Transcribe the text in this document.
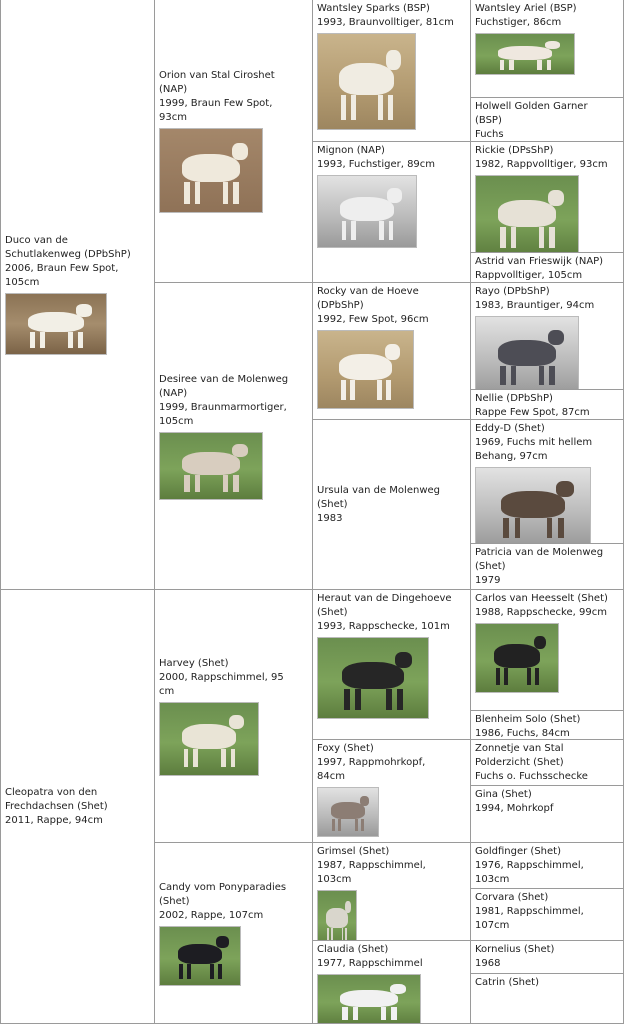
Duco van de
Schutlakenweg (DPbShP)
2006, Braun Few Spot,
105cm
Cleopatra von den
Frechdachsen (Shet)
2011, Rappe, 94cm
Orion van Stal Ciroshet
(NAP)
1999, Braun Few Spot,
93cm
Desiree van de Molenweg
(NAP)
1999, Braunmarmortiger,
105cm
Harvey (Shet)
2000, Rappschimmel, 95
cm
Candy vom Ponyparadies
(Shet)
2002, Rappe, 107cm
Wantsley Sparks (BSP)
1993, Braunvolltiger, 81cm
Mignon (NAP)
1993, Fuchstiger, 89cm
Rocky van de Hoeve
(DPbShP)
1992, Few Spot, 96cm
Ursula van de Molenweg
(Shet)
1983
Heraut van de Dingehoeve
(Shet)
1993, Rappschecke, 101m
Foxy (Shet)
1997, Rappmohrkopf,
84cm
Grimsel (Shet)
1987, Rappschimmel,
103cm
Claudia (Shet)
1977, Rappschimmel
Wantsley Ariel (BSP)
Fuchstiger, 86cm
Holwell Golden Garner
(BSP)
Fuchs
Rickie (DPsShP)
1982, Rappvolltiger, 93cm
Astrid van Frieswijk (NAP)
Rappvolltiger, 105cm
Rayo (DPbShP)
1983, Brauntiger, 94cm
Nellie (DPbShP)
Rappe Few Spot, 87cm
Eddy-D (Shet)
1969, Fuchs mit hellem
Behang, 97cm
Patricia van de Molenweg
(Shet)
1979
Carlos van Heesselt (Shet)
1988, Rappschecke, 99cm
Blenheim Solo (Shet)
1986, Fuchs, 84cm
Zonnetje van Stal
Polderzicht (Shet)
Fuchs o. Fuchsschecke
Gina (Shet)
1994, Mohrkopf
Goldfinger (Shet)
1976, Rappschimmel,
103cm
Corvara (Shet)
1981, Rappschimmel,
107cm
Kornelius (Shet)
1968
Catrin (Shet)
